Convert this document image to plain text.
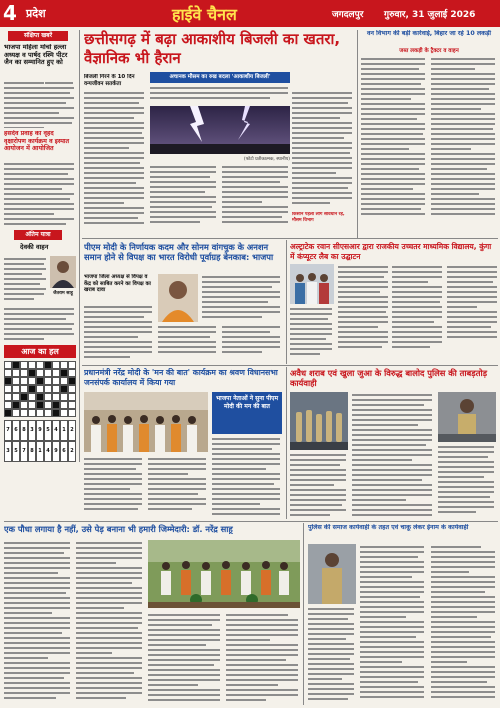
4 प्रदेश	हाईवे चैनल	जगदलपुर गुरुवार, 31 जुलाई 2026
संक्षिप्त खबरें
भाजपा महिला मोर्चा हल्ला अध्यक्ष व पार्षद रश्मि पीटर जैन का सम्मानित हुए को
हसदेव प्रवाह का वृहद वृक्षारोपण कार्यक्रम व इस्पात आयोजन में आयोजित
अंतिम यात्रा
देवकी वाहन
जैतराम साहू
आज का हल
7 6 8 3 9 5 4 1 2
3 5 7 8 1 4 9 6 2
छत्तीसगढ़ में बढ़ा आकाशीय बिजली का खतरा, वैज्ञानिक भी हैरान
बिजली गिरने के 10 दिन वन्यजीवन सतर्कता
अचानक मौसम का रुख बदला 'आकाशीय बिजली'
(फोटो प्रतीकात्मक, स्थानीय)
किसान पहला लोग सावधान रहें, मौसम विभाग
वन विभाग की बड़ी कार्रवाई, बिहार जा रहे 10 लकड़ी
जब्त लकड़ी के ट्रैक्टर व वाहन
पीएम मोदी के निर्णायक कदम और सोनम वांगचुक के अनशन समान होने से विपक्ष का भारत विरोधी पूर्वाग्रह बेनकाब: भाजपा
भाजपा जिला अध्यक्ष से विपक्ष व केंद्र को साबित करने का विपक्ष का खराब दावा
अल्ट्राटेक रवान सीएसआर द्वारा राजकीय उच्चतर माध्यमिक विद्यालय, कुंगा में कंप्यूटर लैब का उद्घाटन
प्रधानमंत्री नरेंद्र मोदी के 'मन की बात' कार्यक्रम का श्रवण विधानसभा जनसंपर्क कार्यालय में किया गया
भाजपा नेताओं ने सुना पीएम मोदी की मन की बात
अवैध शराब एवं खुला जुआ के विरुद्ध बालोद पुलिस की ताबड़तोड़ कार्यवाही
एक पौधा लगाया है नहीं, उसे पेड़ बनाना भी हमारी जिम्मेदारी: डॉ. नरेंद्र साहू	पुलिस की समाज कार्यवाही के तहत एवं चाकू लेकर ईनाम के कार्यवाही
